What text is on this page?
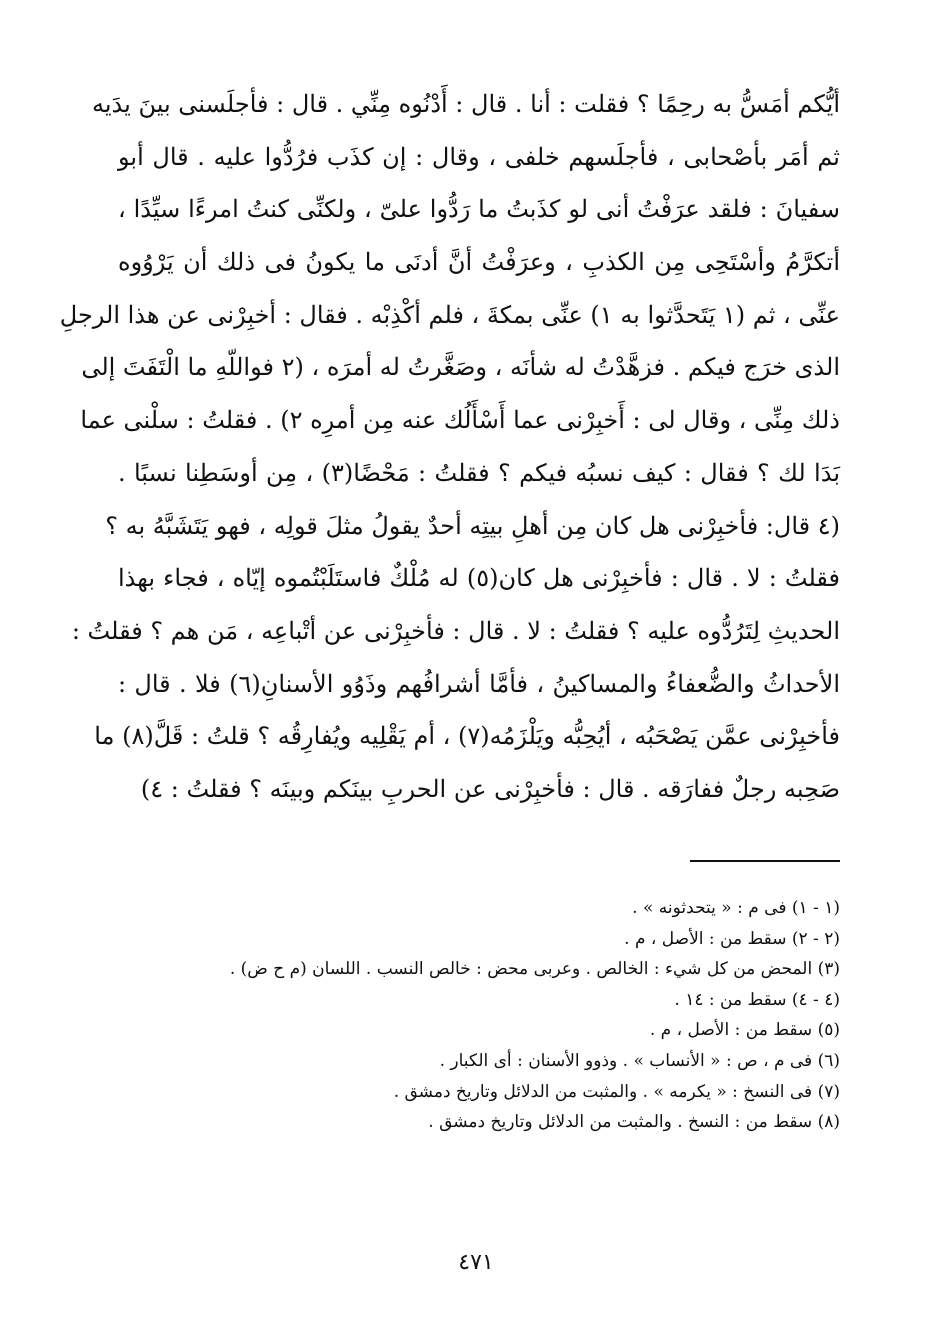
أيُّكم أمَسُّ به رحِمًا ؟ فقلت : أنا . قال : أَدْنُوه مِنِّي . قال : فأجلَسنى بينَ يدَيه
ثم أمَر بأصْحابى ، فأجلَسهم خلفى ، وقال : إن كذَب فرُدُّوا عليه . قال أبو
سفيانَ : فلقد عرَفْتُ أنى لو كذَبتُ ما رَدُّوا علىّ ، ولكنِّى كنتُ امرءًا سيِّدًا ،
أتكرَّمُ وأسْتَحِى مِن الكذبِ ، وعرَفْتُ أنَّ أدنَى ما يكونُ فى ذلك أن يَرْوُوه
عنِّى ، ثم (١ يَتَحدَّثوا به ١) عنِّى بمكةَ ، فلم أكْذِبْه . فقال : أخبِرْنى عن هذا الرجلِ
الذى خرَج فيكم . فزهَّدْتُ له شأنَه ، وصَغَّرتُ له أمرَه ، (٢ فواللّهِ ما الْتَفَتَ إلى
ذلك مِنِّى ، وقال لى : أَخبِرْنى عما أَسْأَلُك عنه مِن أمرِه ٢) . فقلتُ : سلْنى عما
بَدَا لك ؟ فقال : كيف نسبُه فيكم ؟ فقلتُ : مَحْضًا(٣) ، مِن أوسَطِنا نسبًا .
(٤ قال: فأخبِرْنى هل كان مِن أهلِ بيتِه أحدٌ يقولُ مثلَ قولِه ، فهو يَتَشَبَّهُ به ؟
فقلتُ : لا . قال : فأخبِرْنى هل كان(٥) له مُلْكٌ فاستَلَبْتُموه إيّاه ، فجاء بهذا
الحديثِ لِتَرُدُّوه عليه ؟ فقلتُ : لا . قال : فأخبِرْنى عن أتْباعِه ، مَن هم ؟ فقلتُ :
الأحداثُ والضُّعفاءُ والمساكينُ ، فأمَّا أشرافُهم وذَوُو الأسنانِ(٦) فلا . قال :
فأخبِرْنى عمَّن يَصْحَبُه ، أيُحِبُّه ويَلْزَمُه(٧) ، أم يَقْلِيه ويُفارِقُه ؟ قلتُ : قَلَّ(٨) ما
صَحِبه رجلٌ ففارَقه . قال : فأخبِرْنى عن الحربِ بينَكم وبينَه ؟ فقلتُ : ٤)
(١ - ١) فى م : « يتحدثونه » .
(٢ - ٢) سقط من : الأصل ، م .
(٣) المحض من كل شيء : الخالص . وعربى محض : خالص النسب . اللسان (م ح ض) .
(٤ - ٤) سقط من : ١٤ .
(٥) سقط من : الأصل ، م .
(٦) فى م ، ص : « الأنساب » . وذوو الأسنان : أى الكبار .
(٧) فى النسخ : « يكرمه » . والمثبت من الدلائل وتاريخ دمشق .
(٨) سقط من : النسخ . والمثبت من الدلائل وتاريخ دمشق .
٤٧١
